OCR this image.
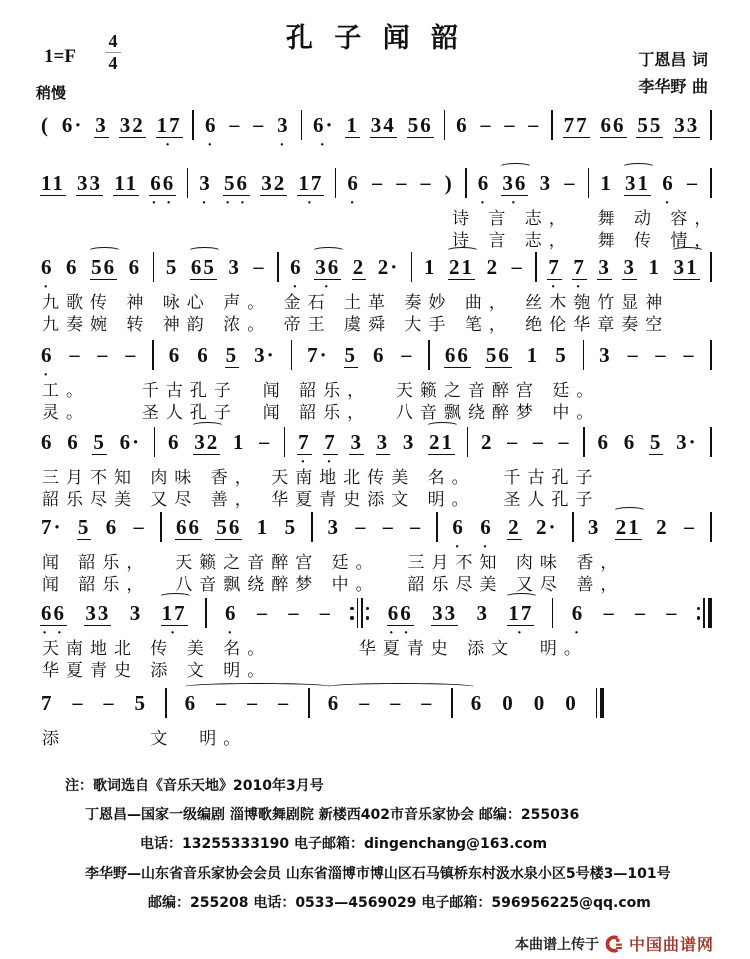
孔 子 闻 韶
1=F
4
4
稍慢
丁恩昌 词
李华野 曲
( 6· 3 32 17
·
6
·
– – 3
·
6·
·
1 34 56 6 – – – 77 66 55 33
11 33 11 66
· ·
3
·
56
· ·
32 17
·
6
·
– – – ) 6
·
36
·
3 – 1 31 6
·
–
诗 言 志，  舞 动 容，
诗 言 志，  舞 传 情，
6
·
6 56 6 5 65 3 – 6
·
36
·
2 2· 1 21 2 – 7
·
7
·
3 3 1 31
九歌传 神 咏心 声。 金石 土革 奏妙 曲， 丝木匏竹显神
九奏婉 转 神韵 浓。 帝王 虞舜 大手 笔， 绝伦华章奏空
6
·
– – – 6 6 5 3· 7· 5 6 – 66 56 1 5 3 – – –
工。　　 千古孔子  闻 韶乐，  天籁之音醉宫 廷。
灵。　　 圣人孔子  闻 韶乐，  八音飘绕醉梦 中。
6 6 5 6· 6 32 1 – 7
·
7
·
3 3 3 21 2 – – – 6 6 5 3·
三月不知 肉味 香， 天南地北传美 名。　 千古孔子
韶乐尽美 又尽 善， 华夏青史添文 明。　 圣人孔子
7· 5 6 – 66 56 1 5 3 – – – 6
·
6
·
2 2· 3 21 2 –
闻 韶乐，  天籁之音醉宫 廷。　 三月不知 肉味 香，
闻 韶乐，  八音飘绕醉梦 中。　 韶乐尽美 又尽 善，
66
· ·
33 3 17
·
6
·
– – –	66
· ·
33 3 17
·
6
·
– – –
天南地北 传 美 名。　　　　华夏青史 添文  明。
华夏青史 添 文 明。
7 – – 5 6 – – – 6 – – – 6 0 0 0
添　　　 文  明。
注：歌词选自《音乐天地》2010年3月号
丁恩昌—国家一级编剧 淄博歌舞剧院 新楼西402市音乐家协会 邮编：255036
电话：13255333190 电子邮箱：dingenchang@163.com
李华野—山东省音乐家协会会员 山东省淄博市博山区石马镇桥东村汲水泉小区5号楼3—101号
邮编：255208 电话：0533—4569029 电子邮箱：596956225@qq.com
本曲谱上传于 中国曲谱网
